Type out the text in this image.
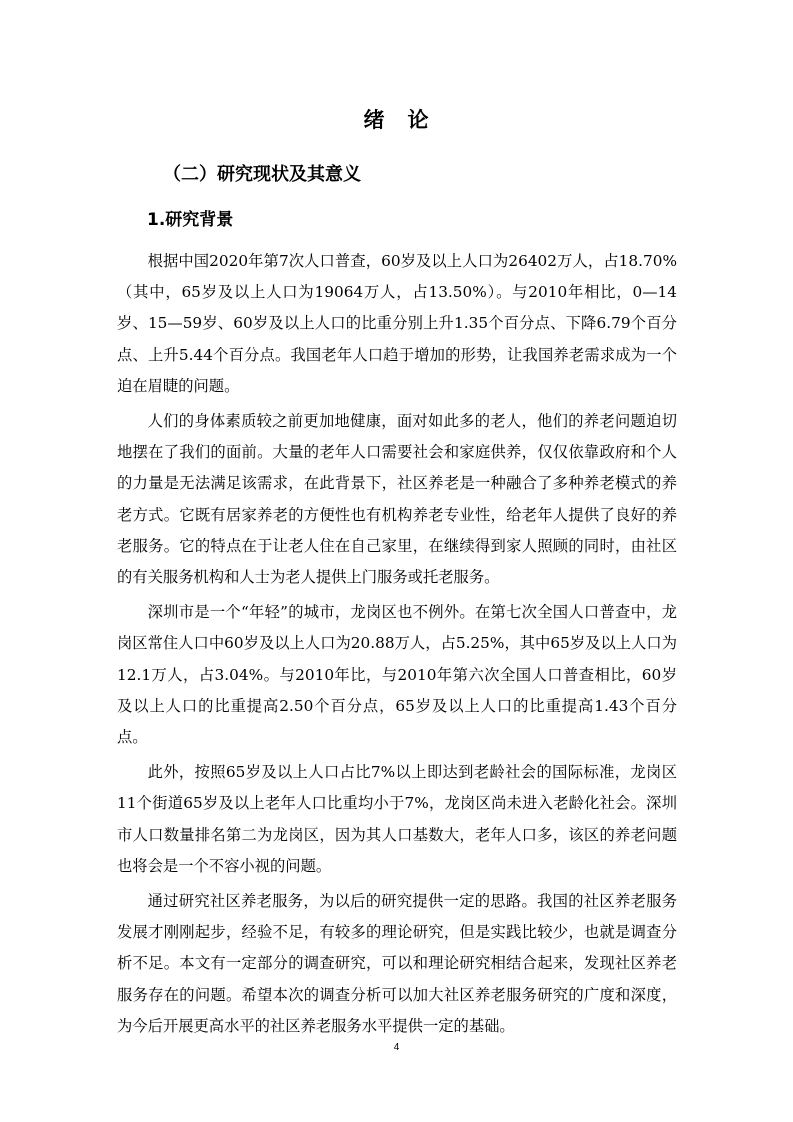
绪　论
（二）研究现状及其意义
1.研究背景

根据中国2020年第7次人口普查，60岁及以上人口为26402万人，占18.70%（其中，65岁及以上人口为19064万人，占13.50%）。与2010年相比，0—14岁、15—59岁、60岁及以上人口的比重分别上升1.35个百分点、下降6.79个百分点、上升5.44个百分点。我国老年人口趋于增加的形势，让我国养老需求成为一个迫在眉睫的问题。

人们的身体素质较之前更加地健康，面对如此多的老人，他们的养老问题迫切地摆在了我们的面前。大量的老年人口需要社会和家庭供养，仅仅依靠政府和个人的力量是无法满足该需求，在此背景下，社区养老是一种融合了多种养老模式的养老方式。它既有居家养老的方便性也有机构养老专业性，给老年人提供了良好的养老服务。它的特点在于让老人住在自己家里，在继续得到家人照顾的同时，由社区的有关服务机构和人士为老人提供上门服务或托老服务。

深圳市是一个“年轻”的城市，龙岗区也不例外。在第七次全国人口普查中，龙岗区常住人口中60岁及以上人口为20.88万人，占5.25%，其中65岁及以上人口为12.1万人，占3.04%。与2010年比，与2010年第六次全国人口普查相比，60岁及以上人口的比重提高2.50个百分点，65岁及以上人口的比重提高1.43个百分点。

此外，按照65岁及以上人口占比7%以上即达到老龄社会的国际标准，龙岗区11个街道65岁及以上老年人口比重均小于7%，龙岗区尚未进入老龄化社会。深圳市人口数量排名第二为龙岗区，因为其人口基数大，老年人口多，该区的养老问题也将会是一个不容小视的问题。

通过研究社区养老服务，为以后的研究提供一定的思路。我国的社区养老服务发展才刚刚起步，经验不足，有较多的理论研究，但是实践比较少，也就是调查分析不足。本文有一定部分的调查研究，可以和理论研究相结合起来，发现社区养老服务存在的问题。希望本次的调查分析可以加大社区养老服务研究的广度和深度，为今后开展更高水平的社区养老服务水平提供一定的基础。

4
